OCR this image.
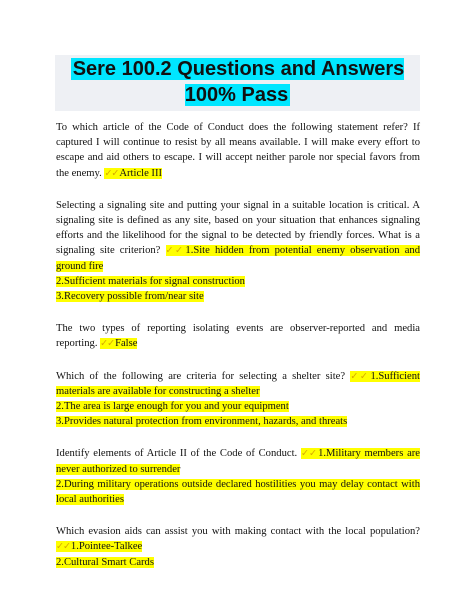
Sere 100.2 Questions and Answers 100% Pass

To which article of the Code of Conduct does the following statement refer? If captured I will continue to resist by all means available. I will make every effort to escape and aid others to escape. I will accept neither parole nor special favors from the enemy. ✓✓Article III

Selecting a signaling site and putting your signal in a suitable location is critical. A signaling site is defined as any site, based on your situation that enhances signaling efforts and the likelihood for the signal to be detected by friendly forces. What is a signaling site criterion? ✓✓1.Site hidden from potential enemy observation and ground fire

2.Sufficient materials for signal construction
3.Recovery possible from/near site

The two types of reporting isolating events are observer-reported and media reporting. ✓✓False

Which of the following are criteria for selecting a shelter site? ✓✓1.Sufficient materials are available for constructing a shelter

2.The area is large enough for you and your equipment
3.Provides natural protection from environment, hazards, and threats

Identify elements of Article II of the Code of Conduct. ✓✓1.Military members are never authorized to surrender

2.During military operations outside declared hostilities you may delay contact with local authorities

Which evasion aids can assist you with making contact with the local population? ✓✓1.Pointee-Talkee

2.Cultural Smart Cards
